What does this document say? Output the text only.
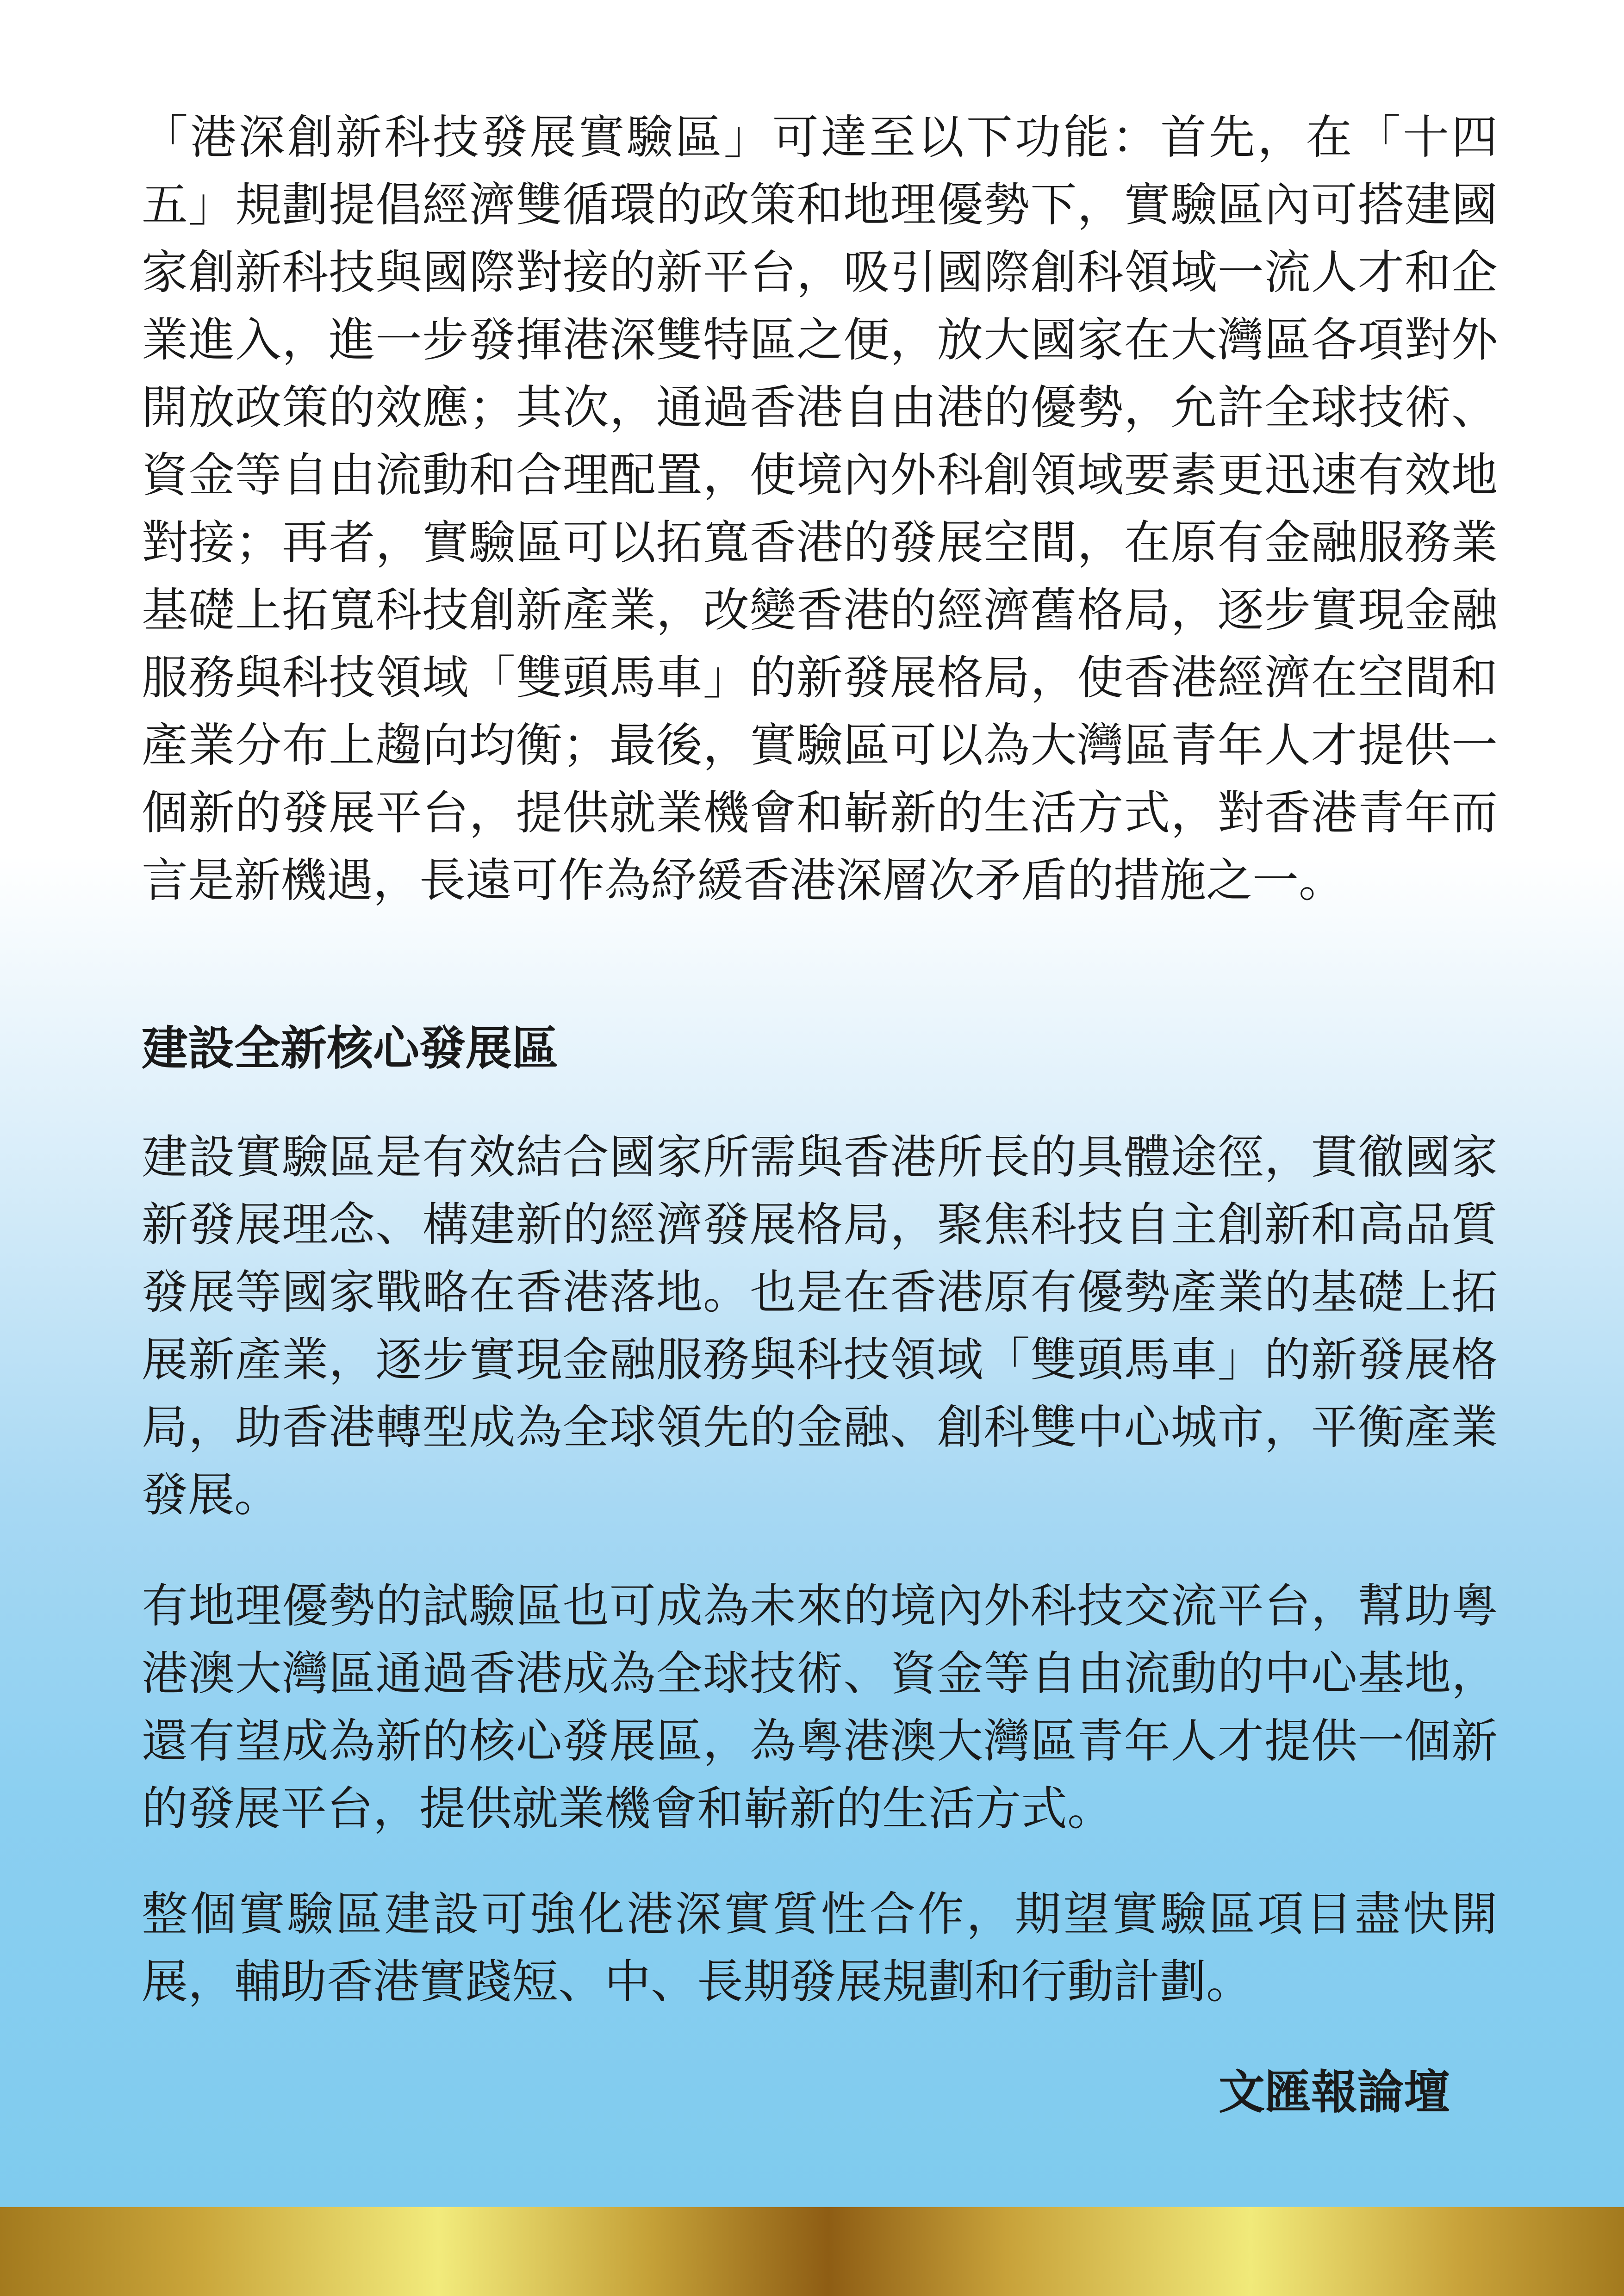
「港深創新科技發展實驗區」可達至以下功能：首先，在「十四五」規劃提倡經濟雙循環的政策和地理優勢下，實驗區內可搭建國家創新科技與國際對接的新平台，吸引國際創科領域一流人才和企業進入，進一步發揮港深雙特區之便，放大國家在大灣區各項對外開放政策的效應；其次，通過香港自由港的優勢，允許全球技術、資金等自由流動和合理配置，使境內外科創領域要素更迅速有效地對接；再者，實驗區可以拓寬香港的發展空間，在原有金融服務業基礎上拓寬科技創新產業，改變香港的經濟舊格局，逐步實現金融服務與科技領域「雙頭馬車」的新發展格局，使香港經濟在空間和產業分布上趨向均衡；最後，實驗區可以為大灣區青年人才提供一個新的發展平台，提供就業機會和嶄新的生活方式，對香港青年而言是新機遇，長遠可作為紓緩香港深層次矛盾的措施之一。

建設全新核心發展區

建設實驗區是有效結合國家所需與香港所長的具體途徑，貫徹國家新發展理念、構建新的經濟發展格局，聚焦科技自主創新和高品質發展等國家戰略在香港落地。也是在香港原有優勢產業的基礎上拓展新產業，逐步實現金融服務與科技領域「雙頭馬車」的新發展格局，助香港轉型成為全球領先的金融、創科雙中心城市，平衡產業發展。

有地理優勢的試驗區也可成為未來的境內外科技交流平台，幫助粵港澳大灣區通過香港成為全球技術、資金等自由流動的中心基地，還有望成為新的核心發展區，為粵港澳大灣區青年人才提供一個新的發展平台，提供就業機會和嶄新的生活方式。

整個實驗區建設可強化港深實質性合作，期望實驗區項目盡快開展，輔助香港實踐短、中、長期發展規劃和行動計劃。

文匯報論壇
